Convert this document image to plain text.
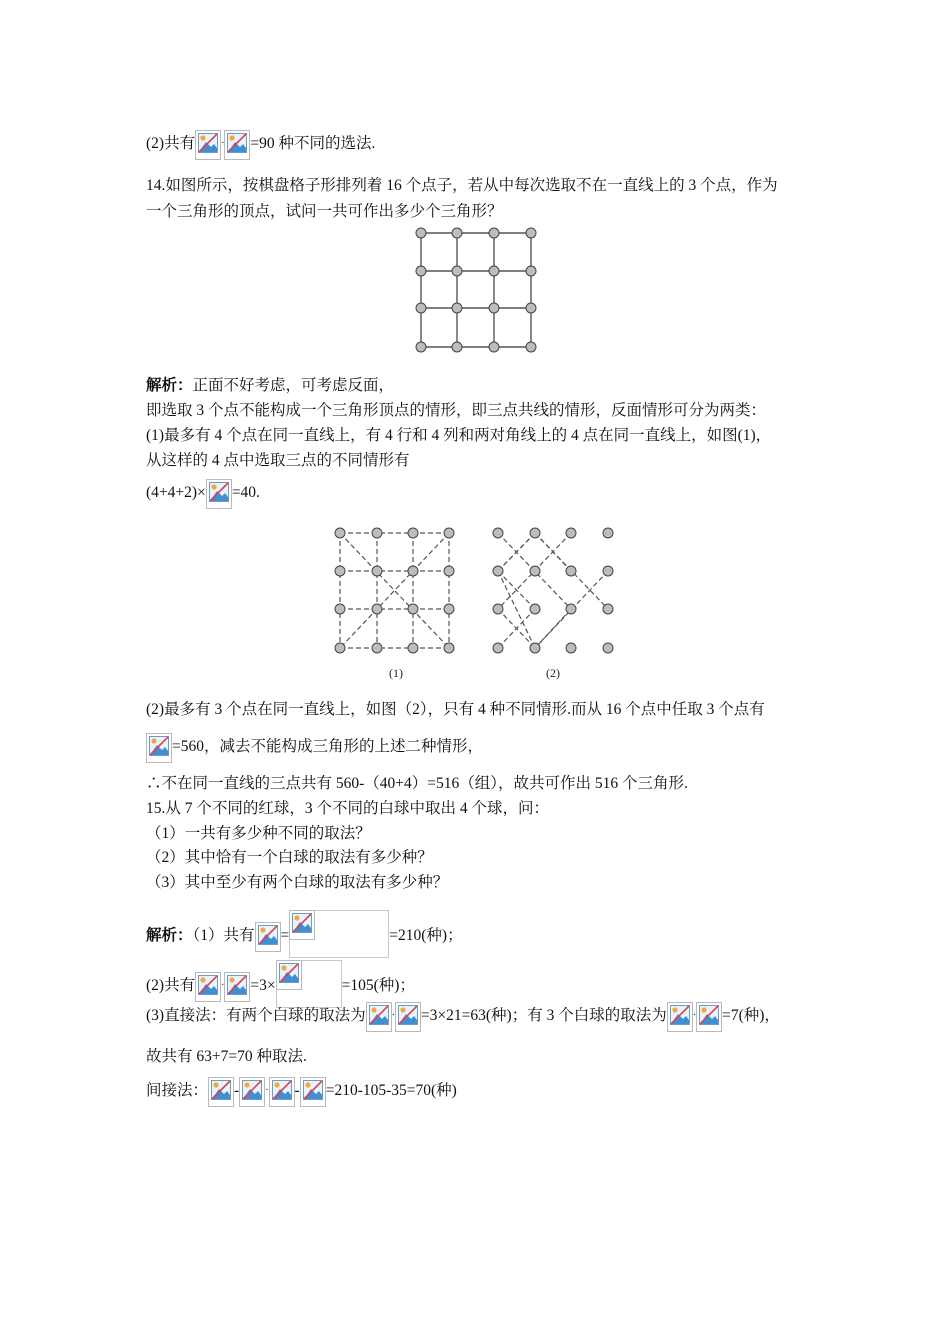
(2)共有	· =90 种不同的选法.
14.如图所示，按棋盘格子形排列着 16 个点子，若从中每次选取不在一直线上的 3 个点，作为
一个三角形的顶点，试问一共可作出多少个三角形？
解析：正面不好考虑，可考虑反面，
即选取 3 个点不能构成一个三角形顶点的情形，即三点共线的情形，反面情形可分为两类：
(1)最多有 4 个点在同一直线上，有 4 行和 4 列和两对角线上的 4 点在同一直线上，如图(1)，
从这样的 4 点中选取三点的不同情形有
(4+4+2)× =40.
(1)	(2)
(2)最多有 3 个点在同一直线上，如图（2），只有 4 种不同情形.而从 16 个点中任取 3 个点有
=560，减去不能构成三角形的上述二种情形，
∴不在同一直线的三点共有 560-（40+4）=516（组），故共可作出 516 个三角形.
15.从 7 个不同的红球，3 个不同的白球中取出 4 个球，问：
（1）一共有多少种不同的取法？
（2）其中恰有一个白球的取法有多少种？
（3）其中至少有两个白球的取法有多少种？
解析：（1）共有 =	=210(种)；
(2)共有	· =3×	=105(种)；
(3)直接法：有两个白球的取法为	· =3×21=63(种)；有 3 个白球的取法为	· =7(种)，
故共有 63+7=70 种取法.
间接法： -	· - =210-105-35=70(种)
